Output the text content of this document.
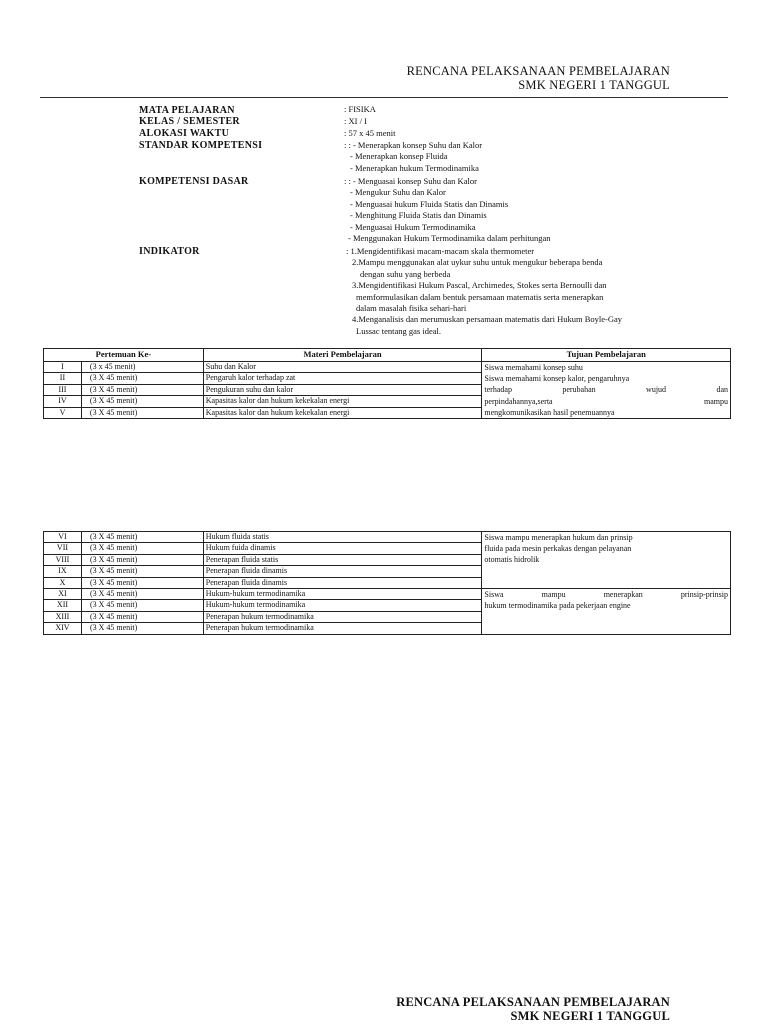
RENCANA PELAKSANAAN PEMBELAJARAN
SMK NEGERI 1 TANGGUL
MATA PELAJARAN	: FISIKA
KELAS / SEMESTER	: XI / I
ALOKASI WAKTU	: 57 x 45 menit
STANDAR KOMPETENSI	: : - Menerapkan konsep Suhu dan Kalor
- Menerapkan konsep Fluida
- Menerapkan hukum Termodinamika
KOMPETENSI DASAR	: : - Menguasai konsep Suhu dan Kalor
- Mengukur Suhu dan Kalor
- Menguasai hukum Fluida Statis dan Dinamis
- Menghitung Fluida Statis dan Dinamis
- Menguasai Hukum Termodinamika
- Menggunakan Hukum Termodinamika dalam perhitungan
INDIKATOR	: 1.Mengidentifikasi macam-macam skala thermometer
2.Mampu menggunakan alat uykur suhu untuk mengukur beberapa benda
dengan suhu yang berbeda
3.Mengidentifikasi Hukum Pascal, Archimedes, Stokes serta Bernoulli dan
memformulasikan dalam bentuk persamaan matematis serta menerapkan
dalam masalah fisika sehari-hari
4.Menganalisis dan merumuskan persamaan matematis dari Hukum Boyle-Gay
Lussac tentang gas ideal.
Pertemuan Ke-		Materi Pembelajaran	Tujuan Pembelajaran
I	(3 x 45 menit)	Suhu dan Kalor	Siswa memahami konsep suhu
Siswa memahami konsep kalor, pengaruhnya
terhadap perubahan wujud dan
perpindahannya,serta mampu
mengkomunikasikan hasil penemuannya

II	(3 X 45 menit)	Pengaruh kalor terhadap zat	
III	(3 X 45 menit)	Pengukuran suhu dan kalor	
IV	(3 X 45 menit)	Kapasitas kalor dan hukum kekekalan energi	
V	(3 X 45 menit)	Kapasitas kalor dan hukum kekekalan energi	
VI	(3 X 45 menit)	Hukum fluida statis	Siswa mampu menerapkan hukum dan prinsip
fluida pada mesin perkakas dengan pelayanan
otomatis hidrolik

VII	(3 X 45 menit)	Hukum fuida dinamis	
VIII	(3 X 45 menit)	Penerapan fluida statis	
IX	(3 X 45 menit)	Penerapan fluida dinamis	
X	(3 X 45 menit)	Penerapan fluida dinamis	
XI	(3 X 45 menit)	Hukum-hukum termodinamika	Siswa mampu menerapkan prinsip-prinsip
hukum termodinamika pada pekerjaan engine

XII	(3 X 45 menit)	Hukum-hukum termodinamika	
XIII	(3 X 45 menit)	Penerapan hukum termodinamika	
XIV	(3 X 45 menit)	Penerapan hukum termodinamika	
RENCANA PELAKSANAAN PEMBELAJARAN
SMK NEGERI 1 TANGGUL
